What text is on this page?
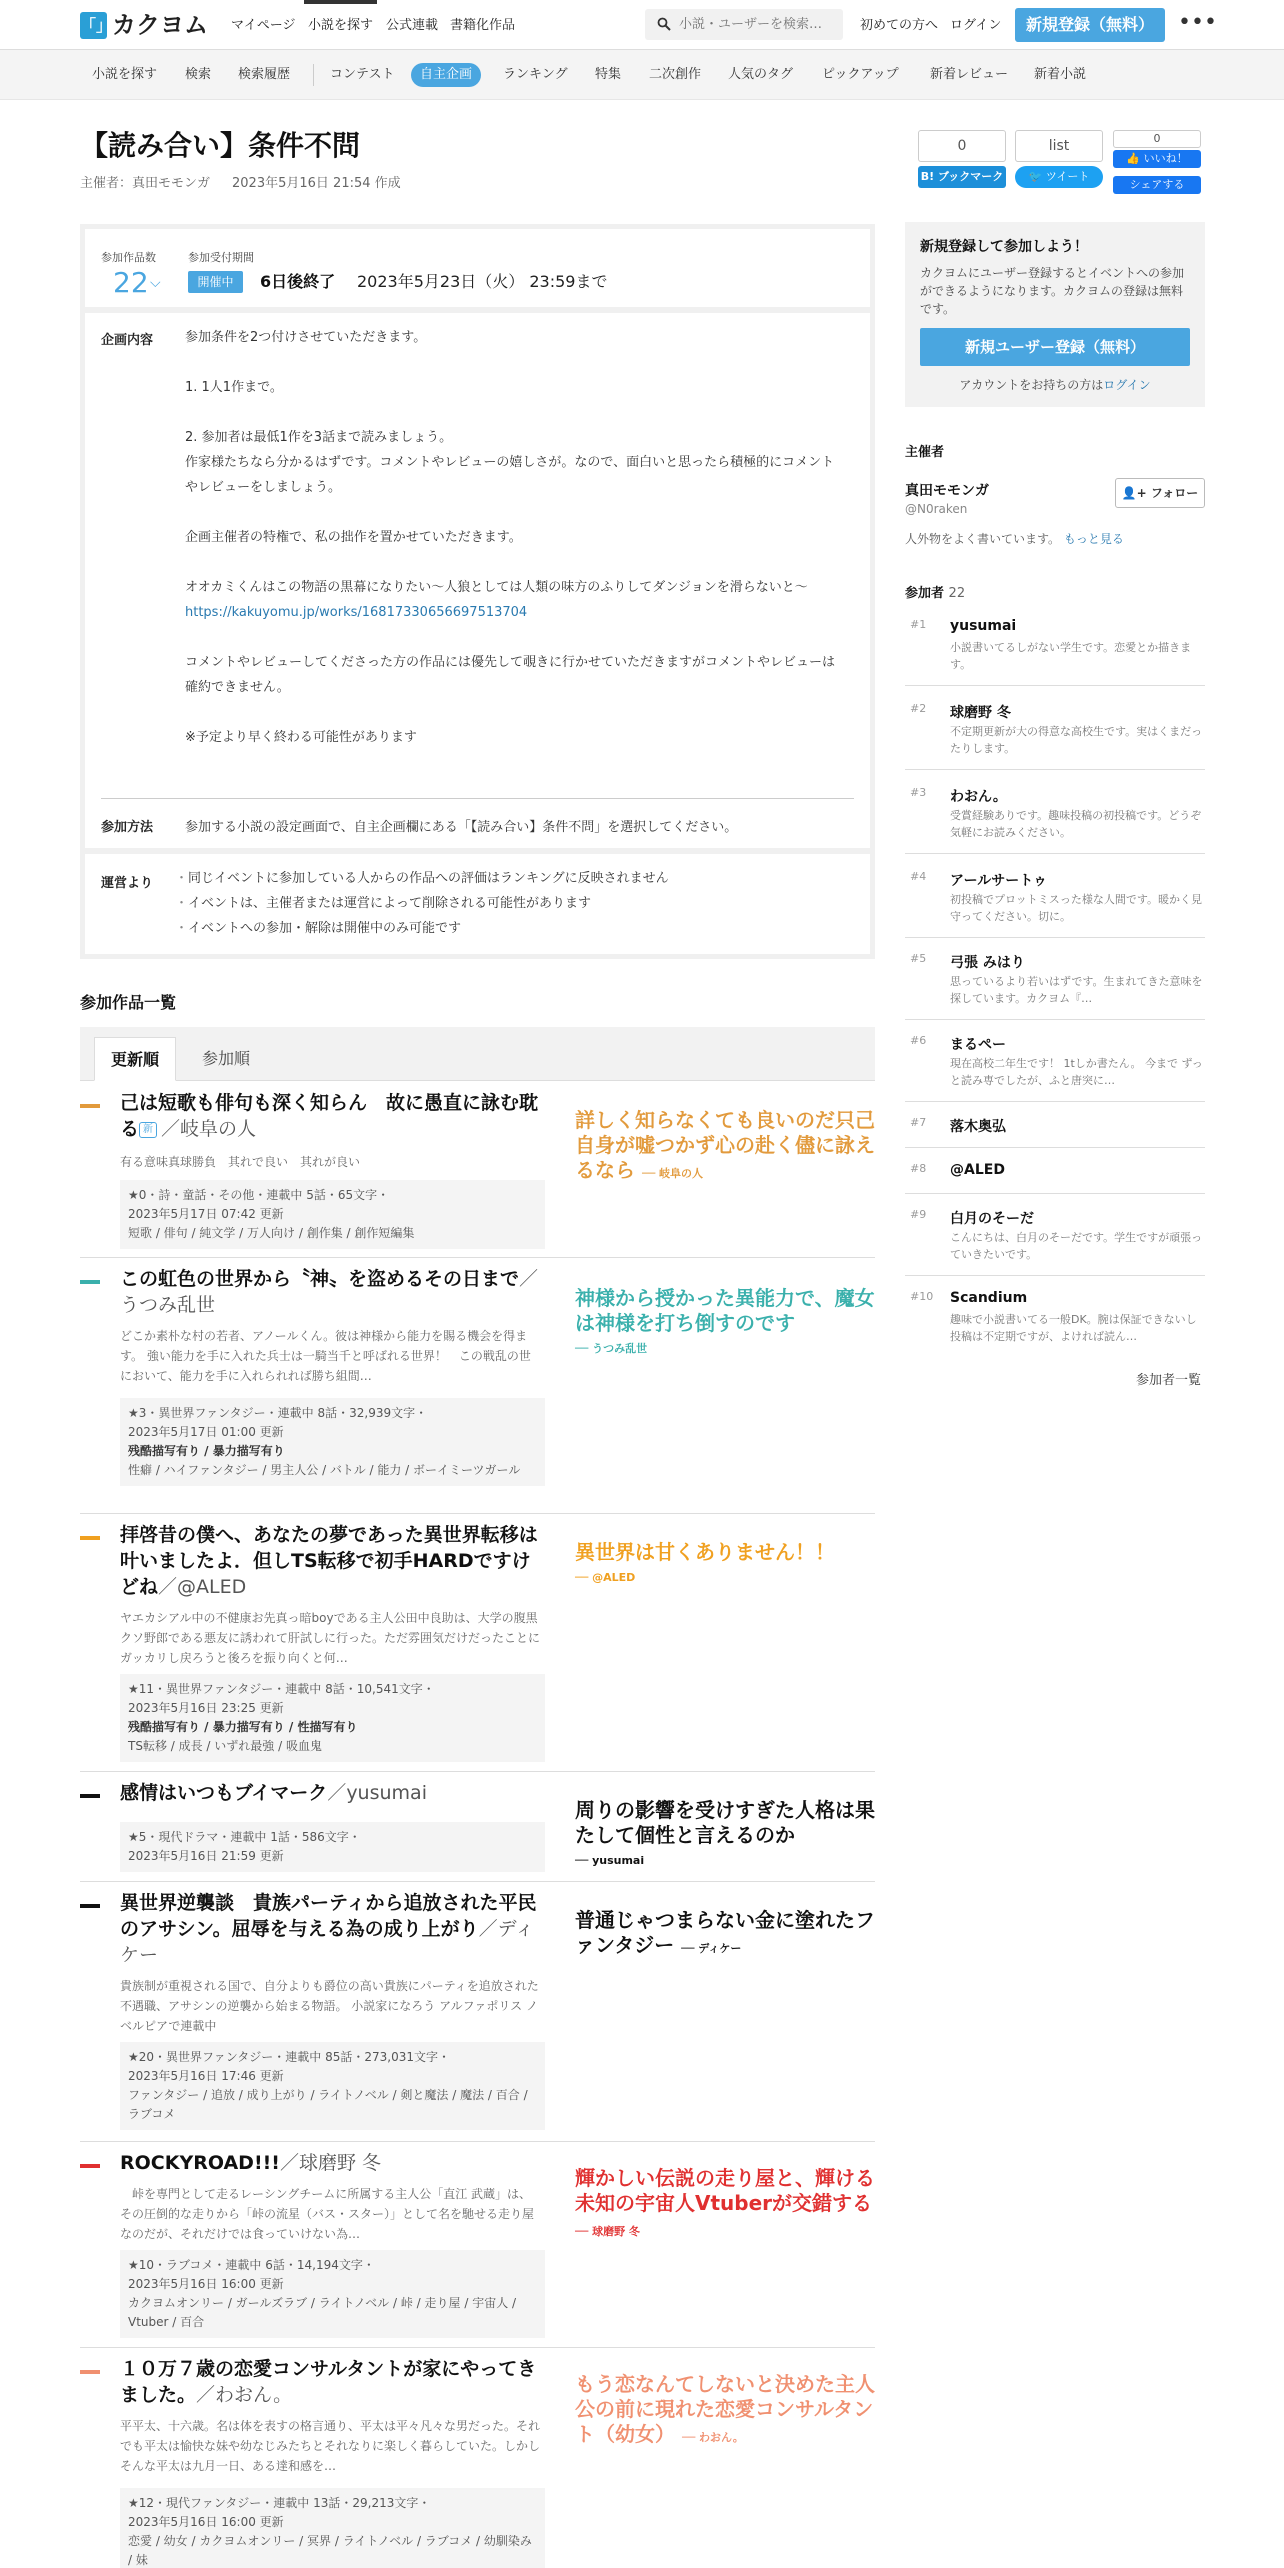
「」 カクヨム マイページ 小説を探す 公式連載 書籍化作品
小説・ユーザーを検索…	初めての方へ ログイン	新規登録（無料）	•••
小説を探す	検索	検索履歴	コンテスト	自主企画	ランキング	特集	二次創作	人気のタグ	ピックアップ	新着レビュー	新着小説
【読み合い】条件不問
主催者：真田モモンガ 2023年5月16日 21:54 作成
0
B! ブックマーク
list
🐦 ツイート
0
👍 いいね！
シェアする
参加作品数
22 ⌵
参加受付期間
開催中	6日後終了 2023年5月23日（火） 23:59まで
企画内容 参加条件を2つ付けさせていただきます。

1. 1人1作まで。

2. 参加者は最低1作を3話まで読みましょう。

作家様たちなら分かるはずです。コメントやレビューの嬉しさが。なので、面白いと思ったら積極的にコメントやレビューをしましょう。

企画主催者の特権で、私の拙作を置かせていただきます。

オオカミくんはこの物語の黒幕になりたい〜人狼としては人類の味方のふりしてダンジョンを滑らないと〜

https://kakuyomu.jp/works/16817330656697513704

コメントやレビューしてくださった方の作品には優先して覗きに行かせていただきますがコメントやレビューは確約できません。

※予定より早く終わる可能性があります

参加方法 参加する小説の設定画面で、自主企画欄にある「【読み合い】条件不問」を選択してください。
運営より
・	同じイベントに参加している人からの作品への評価はランキングに反映されません
・ イベントは、主催者または運営によって削除される可能性があります
・ イベントへの参加・解除は開催中のみ可能です
参加作品一覧
更新順	参加順
己は短歌も俳句も深く知らん　故に愚直に詠む耽る 新 ／岐阜の人
有る意味真球勝負　其れで良い　其れが良い
★0・詩・童話・その他・連載中 5話・65文字・
2023年5月17日 07:42 更新
短歌 / 俳句 / 純文学 / 万人向け / 創作集 / 創作短編集
詳しく知らなくても良いのだ只己自身が嘘つかず心の赴く儘に詠えるなら ── 岐阜の人
この虹色の世界から〝神〟を盗めるその日まで／うつみ乱世
どこか素朴な村の若者、アノールくん。彼は神様から能力を賜る機会を得ます。 強い能力を手に入れた兵士は一騎当千と呼ばれる世界！　この戦乱の世において、能力を手に入れられれば勝ち組間…
★3・異世界ファンタジー・連載中 8話・32,939文字・
2023年5月17日 01:00 更新
残酷描写有り / 暴力描写有り
性癖 / ハイファンタジー / 男主人公 / バトル / 能力 / ボーイミーツガール
神様から授かった異能力で、魔女は神様を打ち倒すのです
── うつみ乱世
拝啓昔の僕へ、あなたの夢であった異世界転移は叶いましたよ．但しTS転移で初手HARDですけどね／@ALED
ヤエカシアル中の不健康お先真っ暗boyである主人公田中良助は、大学の腹黒クソ野郎である悪友に誘われて肝試しに行った。ただ雰囲気だけだったことにガッカリし戻ろうと後ろを振り向くと何…
★11・異世界ファンタジー・連載中 8話・10,541文字・
2023年5月16日 23:25 更新
残酷描写有り / 暴力描写有り / 性描写有り
TS転移 / 成長 / いずれ最強 / 吸血鬼
異世界は甘くありません！！
── @ALED
感情はいつもブイマーク／yusumai
★5・現代ドラマ・連載中 1話・586文字・
2023年5月16日 21:59 更新
周りの影響を受けすぎた人格は果たして個性と言えるのか
── yusumai
異世界逆襲談　貴族パーティから追放された平民のアサシン。屈辱を与える為の成り上がり／ディケー
貴族制が重視される国で、自分よりも爵位の高い貴族にパーティを追放された不遇職、アサシンの逆襲から始まる物語。 小説家になろう アルファポリス ノベルピアで連載中
★20・異世界ファンタジー・連載中 85話・273,031文字・
2023年5月16日 17:46 更新
ファンタジー / 追放 / 成り上がり / ライトノベル / 剣と魔法 / 魔法 / 百合 / ラブコメ
普通じゃつまらない金に塗れたファンタジー ── ディケー
ROCKYROAD!!!／球磨野 冬
　峠を専門として走るレーシングチームに所属する主人公「直江 武蔵」は、その圧倒的な走りから「峠の流星（バス・スター）」として名を馳せる走り屋なのだが、それだけでは食っていけない為…
★10・ラブコメ・連載中 6話・14,194文字・
2023年5月16日 16:00 更新
カクヨムオンリー / ガールズラブ / ライトノベル / 峠 / 走り屋 / 宇宙人 / Vtuber / 百合
輝かしい伝説の走り屋と、輝ける未知の宇宙人Vtuberが交錯する ── 球磨野 冬
１０万７歳の恋愛コンサルタントが家にやってきました。／わおん。
平平太、十六歳。名は体を表すの格言通り、平太は平々凡々な男だった。それでも平太は愉快な妹や幼なじみたちとそれなりに楽しく暮らしていた。しかしそんな平太は九月一日、ある達和感を…
★12・現代ファンタジー・連載中 13話・29,213文字・
2023年5月16日 16:00 更新
恋愛 / 幼女 / カクヨムオンリー / 冥界 / ライトノベル / ラブコメ / 幼馴染み / 妹
もう恋なんてしないと決めた主人公の前に現れた恋愛コンサルタント（幼女） ── わおん。
新規登録して参加しよう！
カクヨムにユーザー登録するとイベントへの参加ができるようになります。カクヨムの登録は無料です。
新規ユーザー登録（無料）
アカウントをお持ちの方はログイン
主催者
真田モモンガ
@N0raken
👤+ フォロー
人外物をよく書いています。 もっと見る
参加者 22
#1 yusumai
小説書いてるしがない学生です。恋愛とか描きます。
#2 球磨野 冬
不定期更新が大の得意な高校生です。実はくまだったりします。
#3 わおん。
受賞経験ありです。趣味投稿の初投稿です。どうぞ気軽にお読みください。
#4 アールサートゥ
初投稿でプロットミスった様な人間です。暖かく見守ってください。切に。
#5 弓張 みはり
思っているより若いはずです。生まれてきた意味を探しています。カクヨム『…
#6 まるペー
現在高校二年生です！ 1tしか書たん。 今まで ずっと読み専でしたが、ふと唐突に…
#7 落木奥弘
#8 @ALED
#9 白月のそーだ
こんにちは、白月のそーだです。学生ですが頑張っていきたいです。
#10 Scandium
趣味で小説書いてる一般DK。腕は保証できないし投稿は不定期ですが、よければ読ん…
参加者一覧
